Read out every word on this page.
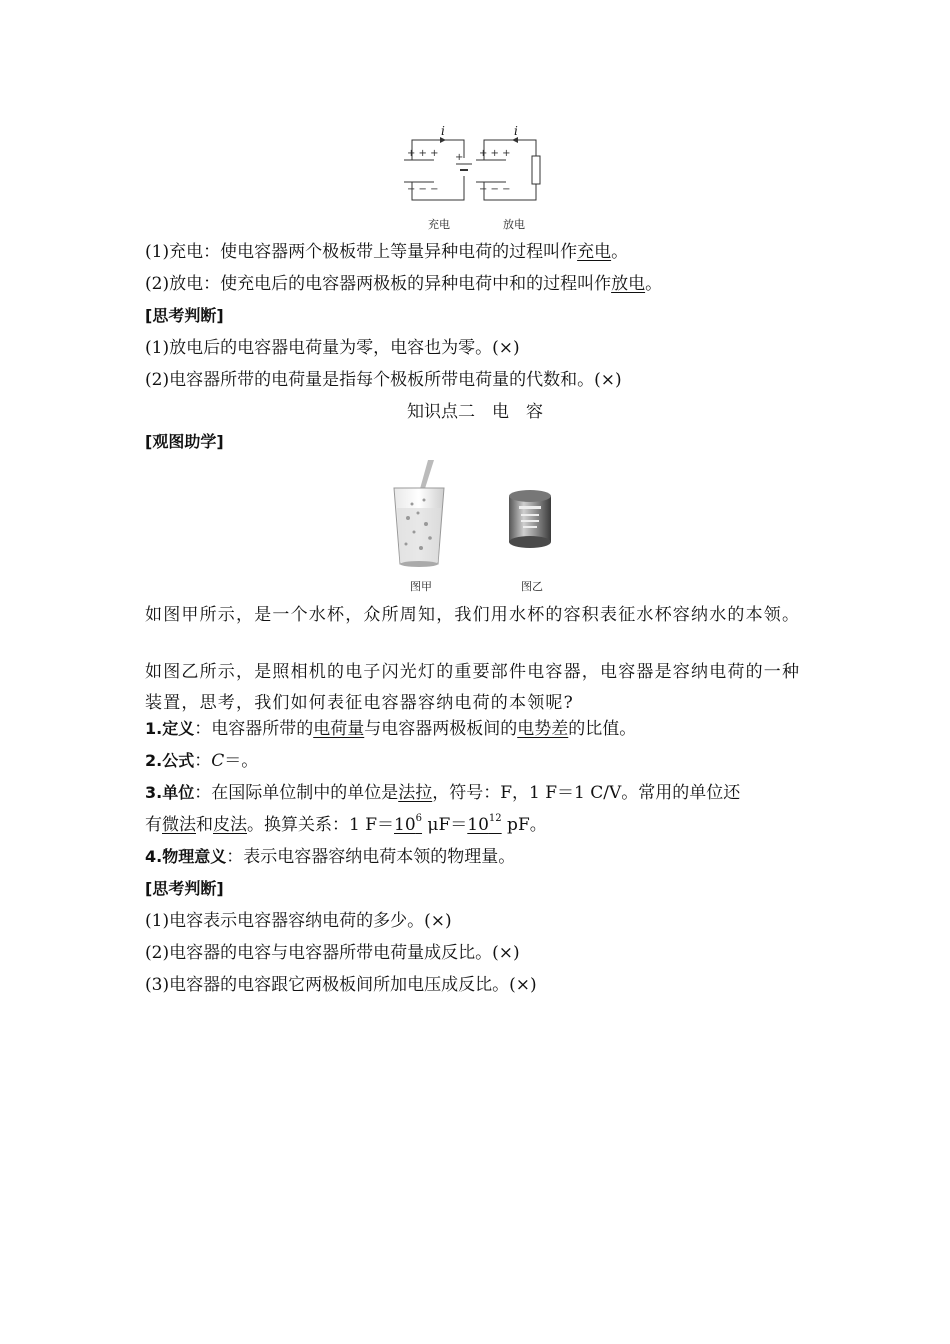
+ + + +
− − −
+ + +
− − −
i	i
充电	放电
(1)充电：使电容器两个极板带上等量异种电荷的过程叫作充电。
(2)放电：使充电后的电容器两极板的异种电荷中和的过程叫作放电。
[思考判断]
(1)放电后的电容器电荷量为零，电容也为零。(×)
(2)电容器所带的电荷量是指每个极板所带电荷量的代数和。(×)
知识点二　电　容
[观图助学]
图甲	图乙
如图甲所示，是一个水杯，众所周知，我们用水杯的容积表征水杯容纳水的本领。
如图乙所示，是照相机的电子闪光灯的重要部件电容器，电容器是容纳电荷的一种装置，思考，我们如何表征电容器容纳电荷的本领呢?
1.定义：电容器所带的电荷量与电容器两极板间的电势差的比值。
2.公式：C＝。
3.单位：在国际单位制中的单位是法拉，符号：F，1 F＝1 C/V。常用的单位还
有微法和皮法。换算关系：1 $F=10^6$ $\mu F=10^{12}$ pF。
4.物理意义：表示电容器容纳电荷本领的物理量。
[思考判断]
(1)电容表示电容器容纳电荷的多少。(×)
(2)电容器的电容与电容器所带电荷量成反比。(×)
(3)电容器的电容跟它两极板间所加电压成反比。(×)
